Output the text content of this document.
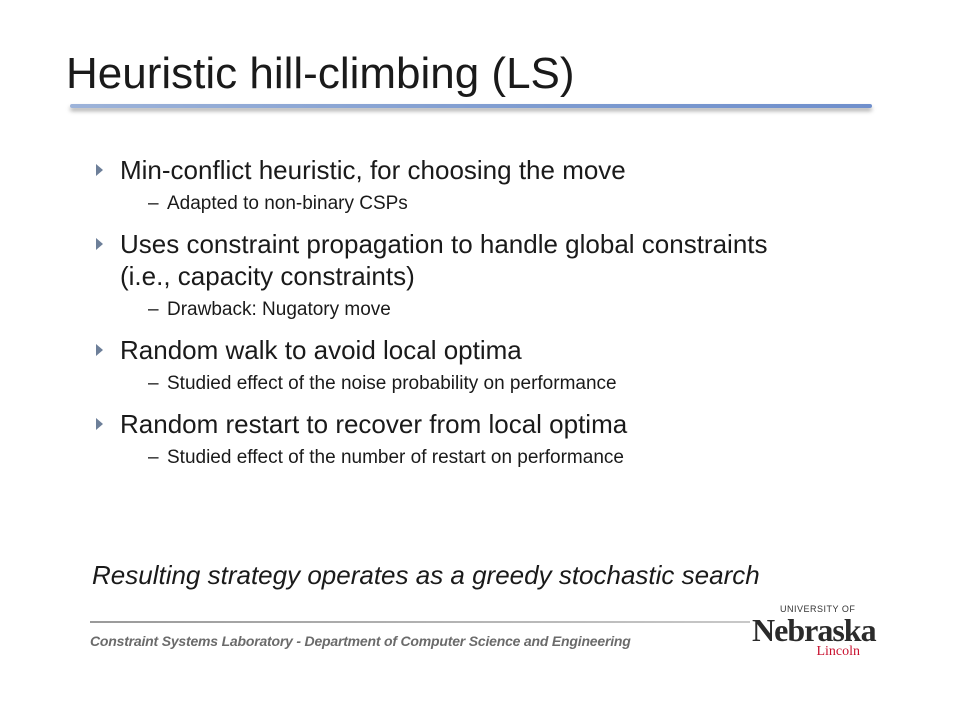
Heuristic hill-climbing (LS)
Min-conflict heuristic, for choosing the move
– Adapted to non-binary CSPs
Uses constraint propagation to handle global constraints
(i.e., capacity constraints)
– Drawback: Nugatory move
Random walk to avoid local optima
– Studied effect of the noise probability on performance
Random restart to recover from local optima
– Studied effect of the number of restart on performance
Resulting strategy operates as a greedy stochastic search
Constraint Systems Laboratory - Department of Computer Science and Engineering
UNIVERSITY OF
Nebraska
Lincoln
